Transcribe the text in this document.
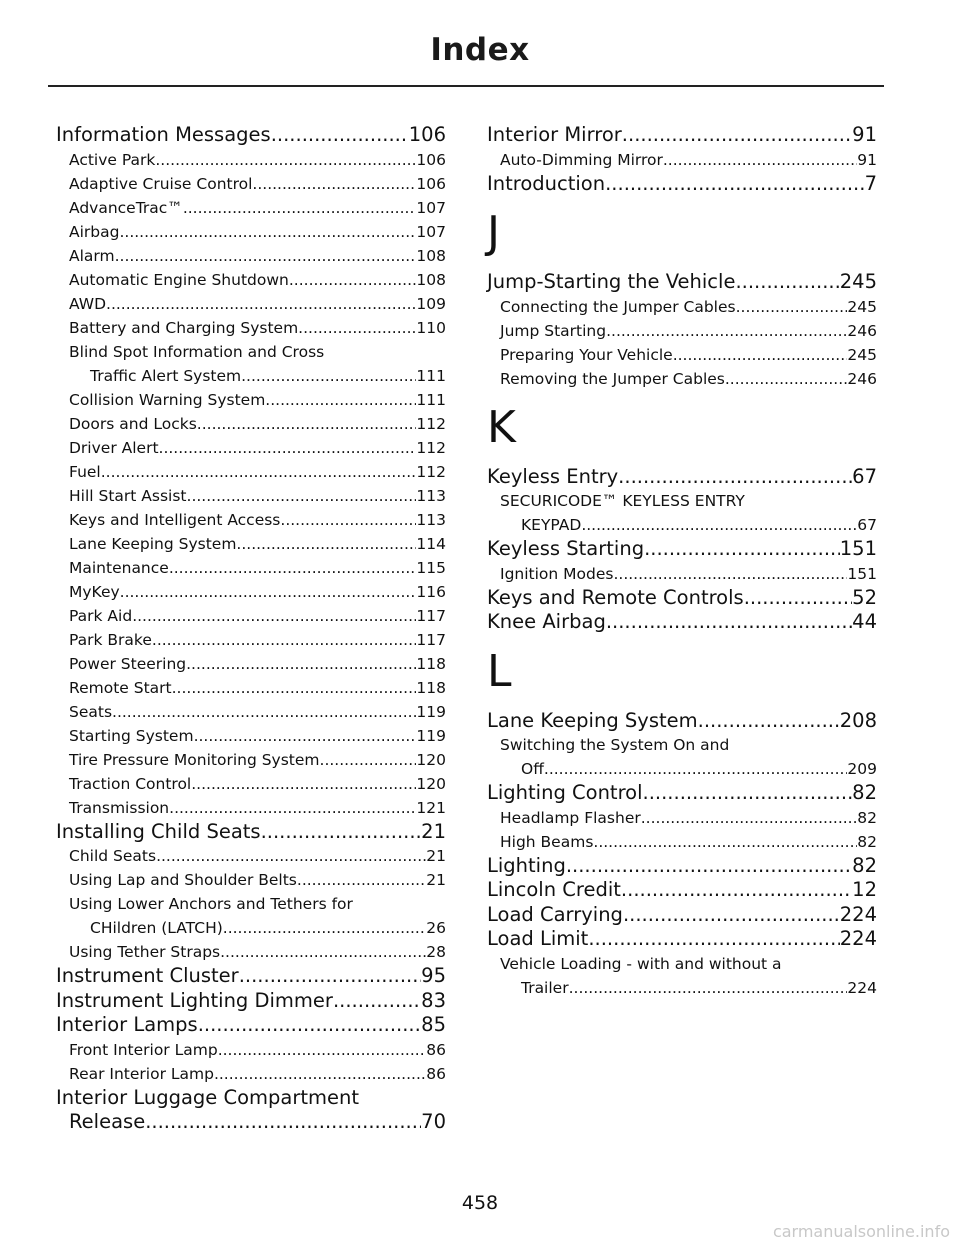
Index
Information Messages .....	106
Active Park .....	106
Adaptive Cruise Control .....	106
AdvanceTrac™ .....	107
Airbag .....	107
Alarm .....	108
Automatic Engine Shutdown .....	108
AWD .....	109
Battery and Charging System .....	110
Blind Spot Information and Cross
Traffic Alert System .....	111
Collision Warning System .....	111
Doors and Locks .....	112
Driver Alert .....	112
Fuel .....	112
Hill Start Assist .....	113
Keys and Intelligent Access .....	113
Lane Keeping System .....	114
Maintenance .....	115
MyKey .....	116
Park Aid .....	117
Park Brake .....	117
Power Steering .....	118
Remote Start .....	118
Seats .....	119
Starting System .....	119
Tire Pressure Monitoring System .....	120
Traction Control .....	120
Transmission .....	121
Installing Child Seats .....	21
Child Seats .....	21
Using Lap and Shoulder Belts .....	21
Using Lower Anchors and Tethers for
CHildren (LATCH) .....	26
Using Tether Straps .....	28
Instrument Cluster .....	95
Instrument Lighting Dimmer .....	83
Interior Lamps .....	85
Front Interior Lamp .....	86
Rear Interior Lamp .....	86
Interior Luggage Compartment
Release .....	70
Interior Mirror .....	91
Auto-Dimming Mirror .....	91
Introduction .....	7
J
Jump-Starting the Vehicle .....	245
Connecting the Jumper Cables .....	245
Jump Starting .....	246
Preparing Your Vehicle .....	245
Removing the Jumper Cables .....	246
K
Keyless Entry .....	67
SECURICODE™ KEYLESS ENTRY
KEYPAD .....	67
Keyless Starting .....	151
Ignition Modes .....	151
Keys and Remote Controls .....	52
Knee Airbag .....	44
L
Lane Keeping System .....	208
Switching the System On and
Off .....	209
Lighting Control .....	82
Headlamp Flasher .....	82
High Beams .....	82
Lighting .....	82
Lincoln Credit .....	12
Load Carrying .....	224
Load Limit .....	224
Vehicle Loading - with and without a
Trailer .....	224
458
carmanualsonline.info
